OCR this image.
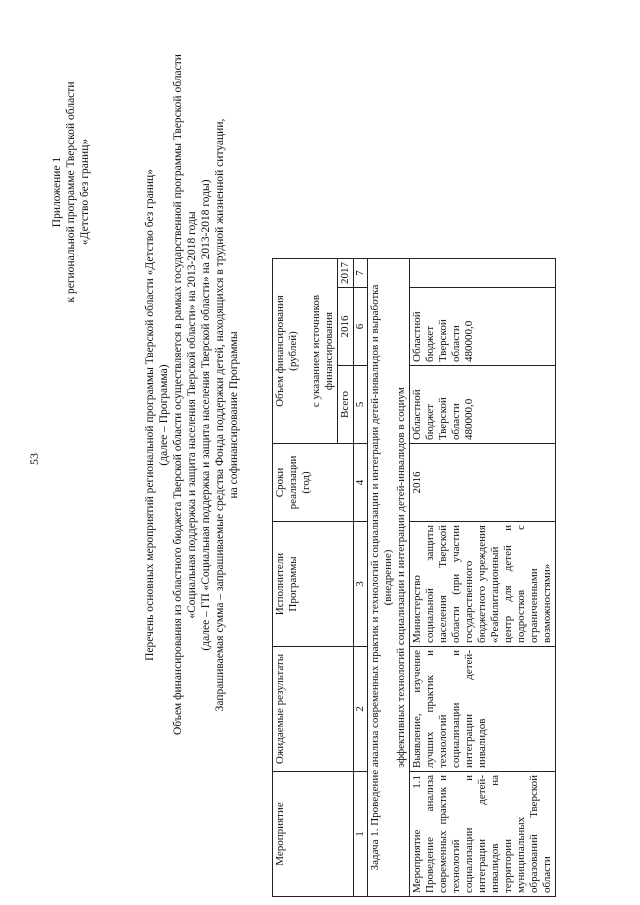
53
Приложение 1 к региональной программе Тверской области «Детство без границ»	Перечень основных мероприятий региональной программы Тверской области «Детство без границ» (далее – Программа) Объем финансирования из областного бюджета Тверской области осуществляется в рамках государственной программы Тверской области «Социальная поддержка и защита населения Тверской области» на 2013-2018 годы (далее – ГП «Социальная поддержка и защита населения Тверской области» на 2013-2018 годы) Запрашиваемая сумма – запрашиваемые средства Фонда поддержки детей, находящихся в трудной жизненной ситуации, на софинансирование Программы
Мероприятие	Ожидаемые результаты	Исполнители Программы	Сроки реализации (год)	Объем финансирования (рублей) с указанием источников финансирования		

				Всего	2016	2017
1	2	3	4	5	6	7

Задача 1. Проведение анализа современных практик и технологий социализации и интеграции детей-инвалидов и выработка (внедрение) эффективных технологий социализации и интеграции детей-инвалидов в социум						

Мероприятие 1.1 Проведение анализа современных практик и технологий социализации и интеграции детей-инвалидов на территории муниципальных образований Тверской области	Выявление, изучение лучших практик и технологий социализации и интеграции детей-инвалидов	Министерство социальной защиты населения Тверской области (при участии государственного бюджетного учреждения «Реабилитационный центр для детей и подростков с ограниченными возможностями»	2016	Областной бюджет Тверской области 480000,0	Областной бюджет Тверской области 480000,0	
